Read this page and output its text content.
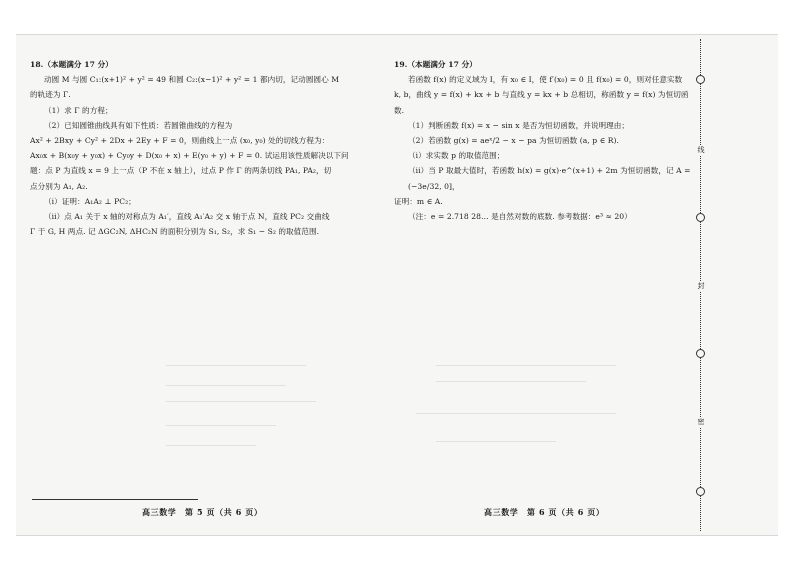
18.（本题满分 17 分）

动圆 M 与圆 C₁:(x+1)² + y² = 49 和圆 C₂:(x−1)² + y² = 1 都内切，记动圆圆心 M

的轨迹为 Γ.

（1）求 Γ 的方程；

（2）已知圆锥曲线具有如下性质：若圆锥曲线的方程为

Ax² + 2Bxy + Cy² + 2Dx + 2Ey + F = 0，则曲线上一点 (x₀, y₀) 处的切线方程为：

Ax₀x + B(x₀y + y₀x) + Cy₀y + D(x₀ + x) + E(y₀ + y) + F = 0. 试运用该性质解决以下问

题：点 P 为直线 x = 9 上一点（P 不在 x 轴上），过点 P 作 Γ 的两条切线 PA₁, PA₂，切

点分别为 A₁, A₂.

（i）证明：A₁A₂ ⊥ PC₂；

（ii）点 A₁ 关于 x 轴的对称点为 A₁′，直线 A₁′A₂ 交 x 轴于点 N，直线 PC₂ 交曲线

Γ 于 G, H 两点. 记 ΔGC₂N, ΔHC₂N 的面积分别为 S₁, S₂，求 S₁ − S₂ 的取值范围.

19.（本题满分 17 分）

若函数 f(x) 的定义域为 I，有 x₀ ∈ I，使 f′(x₀) = 0 且 f(x₀) = 0，则对任意实数

k, b，曲线 y = f(x) + kx + b 与直线 y = kx + b 总相切，称函数 y = f(x) 为恒切函数.

（1）判断函数 f(x) = x − sin x 是否为恒切函数，并说明理由；

（2）若函数 g(x) = aeˣ/2 − x − pa 为恒切函数 (a, p ∈ R).

（i）求实数 p 的取值范围；

（ii）当 P 取最大值时，若函数 h(x) = g(x)·e^(x+1) + 2m 为恒切函数，记 A = (−3e/32, 0]，

证明：m ∈ A.

（注：e = 2.718 28… 是自然对数的底数. 参考数据：e³ ≈ 20）

高三数学　第 5 页（共 6 页）	高三数学　第 6 页（共 6 页）
线
封
密
